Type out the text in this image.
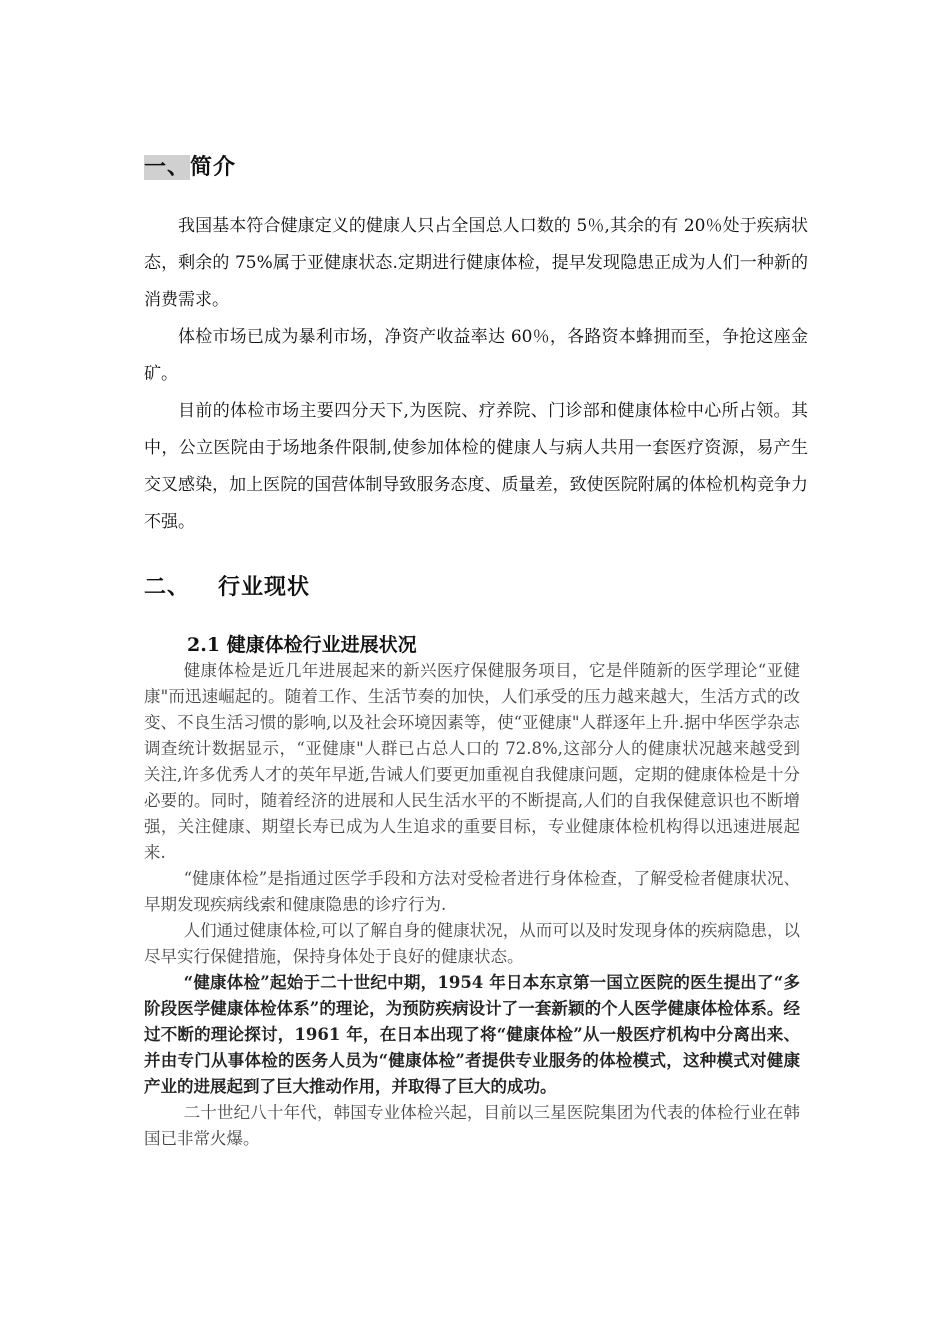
一、简介

我国基本符合健康定义的健康人只占全国总人口数的 5％,其余的有 20％处于疾病状态，剩余的 75%属于亚健康状态.定期进行健康体检，提早发现隐患正成为人们一种新的消费需求。

体检市场已成为暴利市场，净资产收益率达 60％，各路资本蜂拥而至，争抢这座金矿。

目前的体检市场主要四分天下,为医院、疗养院、门诊部和健康体检中心所占领。其中，公立医院由于场地条件限制,使参加体检的健康人与病人共用一套医疗资源，易产生交叉感染，加上医院的国营体制导致服务态度、质量差，致使医院附属的体检机构竞争力不强。

二、 行业现状
2.1 健康体检行业进展状况

健康体检是近几年进展起来的新兴医疗保健服务项目，它是伴随新的医学理论“亚健康"而迅速崛起的。随着工作、生活节奏的加快，人们承受的压力越来越大，生活方式的改变、不良生活习惯的影响,以及社会环境因素等，使“亚健康"人群逐年上升.据中华医学杂志调查统计数据显示，“亚健康"人群已占总人口的 72.8%,这部分人的健康状况越来越受到关注,许多优秀人才的英年早逝,告诫人们要更加重视自我健康问题，定期的健康体检是十分必要的。同时，随着经济的进展和人民生活水平的不断提高,人们的自我保健意识也不断增强，关注健康、期望长寿已成为人生追求的重要目标，专业健康体检机构得以迅速进展起来.

“健康体检”是指通过医学手段和方法对受检者进行身体检查，了解受检者健康状况、早期发现疾病线索和健康隐患的诊疗行为.

人们通过健康体检,可以了解自身的健康状况，从而可以及时发现身体的疾病隐患，以尽早实行保健措施，保持身体处于良好的健康状态。

“健康体检”起始于二十世纪中期，1954 年日本东京第一国立医院的医生提出了“多阶段医学健康体检体系”的理论，为预防疾病设计了一套新颖的个人医学健康体检体系。经过不断的理论探讨，1961 年，在日本出现了将“健康体检”从一般医疗机构中分离出来、并由专门从事体检的医务人员为“健康体检”者提供专业服务的体检模式，这种模式对健康产业的进展起到了巨大推动作用，并取得了巨大的成功。

二十世纪八十年代，韩国专业体检兴起，目前以三星医院集团为代表的体检行业在韩国已非常火爆。
